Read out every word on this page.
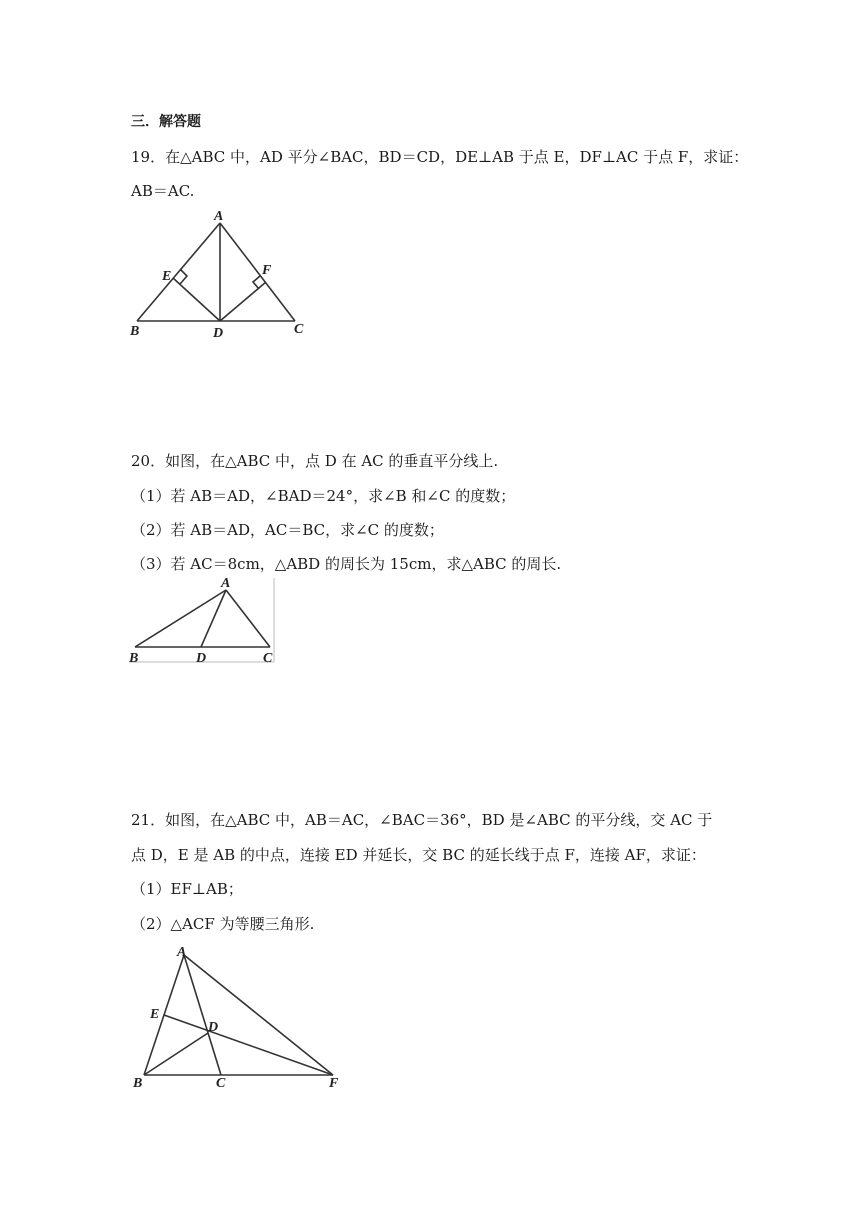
三．解答题
19．在△ABC 中，AD 平分∠BAC，BD＝CD，DE⊥AB 于点 E，DF⊥AC 于点 F，求证：
AB＝AC.
A
E	F
B	D	C
20．如图，在△ABC 中，点 D 在 AC 的垂直平分线上.
（1）若 AB＝AD，∠BAD＝24°，求∠B 和∠C 的度数；
（2）若 AB＝AD，AC＝BC，求∠C 的度数；
（3）若 AC＝8cm，△ABD 的周长为 15cm，求△ABC 的周长.
A
B	D	C
21．如图，在△ABC 中，AB＝AC，∠BAC＝36°，BD 是∠ABC 的平分线，交 AC 于
点 D，E 是 AB 的中点，连接 ED 并延长，交 BC 的延长线于点 F，连接 AF，求证：
（1）EF⊥AB；
（2）△ACF 为等腰三角形.
A
E
D
B	C	F
